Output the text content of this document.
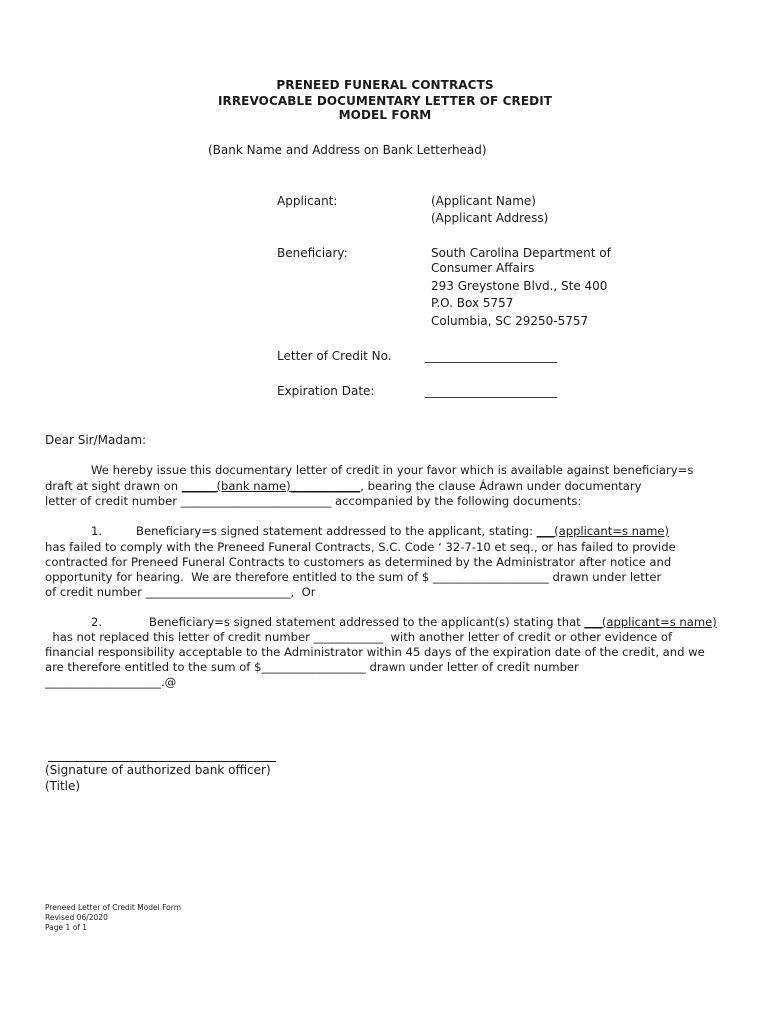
PRENEED FUNERAL CONTRACTS
IRREVOCABLE DOCUMENTARY LETTER OF CREDIT
MODEL FORM
(Bank Name and Address on Bank Letterhead)
Applicant:	(Applicant Name)
(Applicant Address)
Beneficiary:	South Carolina Department of
Consumer Affairs
293 Greystone Blvd., Ste 400
P.O. Box 5757
Columbia, SC 29250-5757
Letter of Credit No.	______________________
Expiration Date:	______________________
Dear Sir/Madam:
We hereby issue this documentary letter of credit in your favor which is available against beneficiary=s
draft at sight drawn on ______(bank name)____________, bearing the clause Ádrawn under documentary
letter of credit number __________________________ accompanied by the following documents:
1.	Beneficiary=s signed statement addressed to the applicant, stating: ___(applicant=s name)
has failed to comply with the Preneed Funeral Contracts, S.C. Code ʻ 32-7-10 et seq., or has failed to provide
contracted for Preneed Funeral Contracts to customers as determined by the Administrator after notice and
opportunity for hearing.  We are therefore entitled to the sum of $ ____________________ drawn under letter
of credit number _________________________,  Or
2.	Beneficiary=s signed statement addressed to the applicant(s) stating that ___(applicant=s name)
has not replaced this letter of credit number ____________  with another letter of credit or other evidence of
financial responsibility acceptable to the Administrator within 45 days of the expiration date of the credit, and we
are therefore entitled to the sum of $__________________ drawn under letter of credit number
____________________.@
(Signature of authorized bank officer)
(Title)
Preneed Letter of Credit Model Form
Revised 06/2020
Page 1 of 1
